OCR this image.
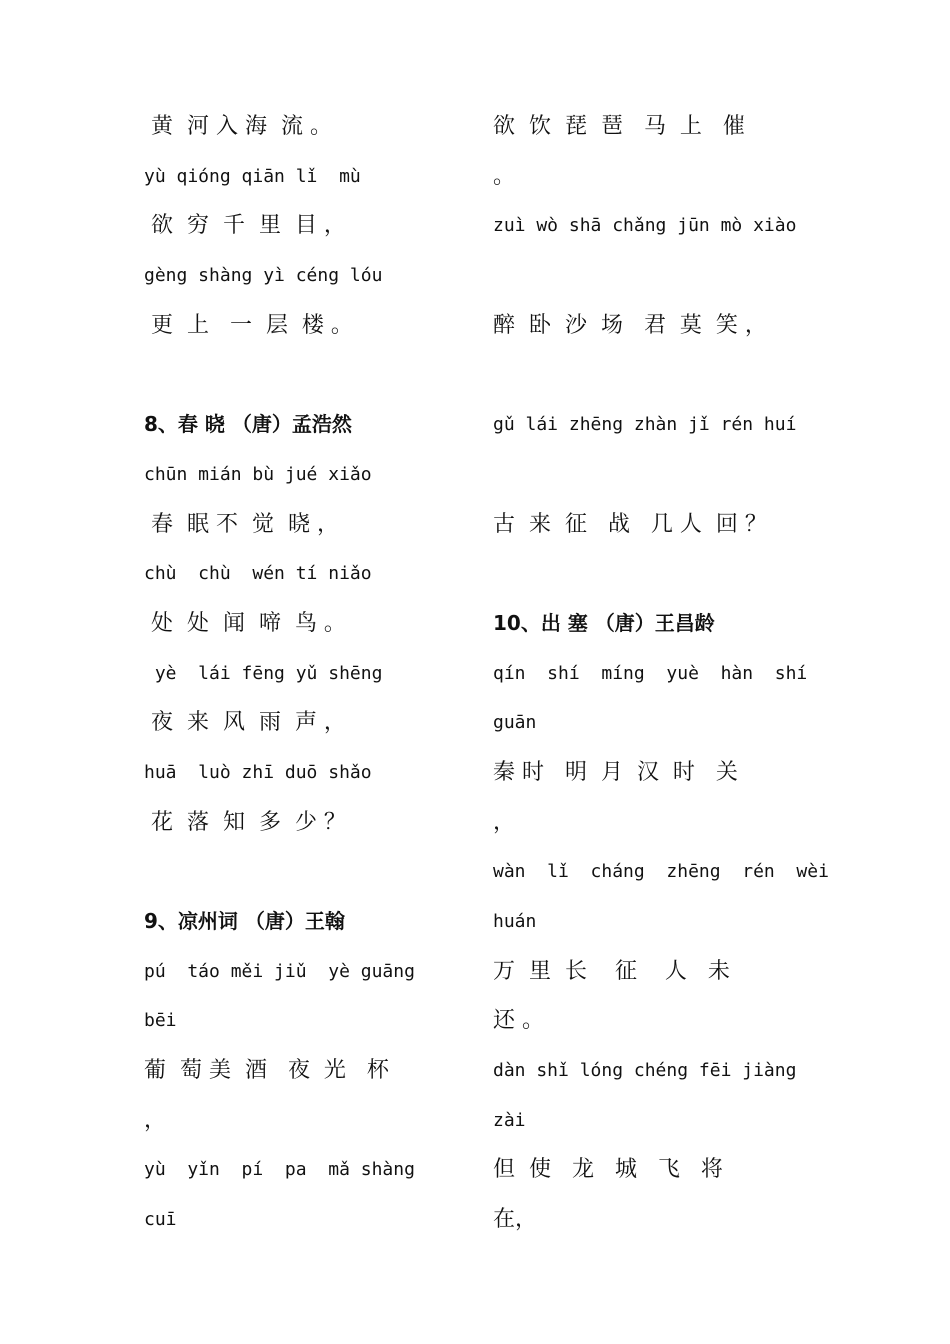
黄  河 入 海  流 。
yù qióng qiān lǐ  mù
欲  穷  千  里  目 ，
gèng shàng yì céng lóu
更  上   一  层  楼 。
8、春 晓 （唐）孟浩然
chūn mián bù jué xiǎo
春  眠 不  觉  晓 ，
chù  chù  wén tí niǎo
处  处  闻  啼  鸟 。
yè  lái fēng yǔ shēng
夜  来  风  雨  声 ，
huā  luò zhī duō shǎo
花  落  知  多  少 ？
9、凉州词 （唐）王翰
pú  táo měi jiǔ  yè guāng
bēi
葡  萄 美  酒   夜  光   杯
，
yù  yǐn  pí  pa  mǎ shàng
cuī
欲  饮  琵  琶   马  上   催
。
zuì wò shā chǎng jūn mò xiào
醉  卧  沙  场   君  莫  笑 ，
gǔ lái zhēng zhàn jǐ rén huí
古  来  征   战   几 人  回 ？
10、出 塞 （唐）王昌龄
qín  shí  míng  yuè  hàn  shí
guān
秦 时   明  月  汉  时   关
，
wàn  lǐ  cháng  zhēng  rén  wèi
huán
万  里  长    征    人   未
还 。
dàn shǐ lóng chéng fēi jiàng
zài
但  使   龙   城   飞   将
在，
